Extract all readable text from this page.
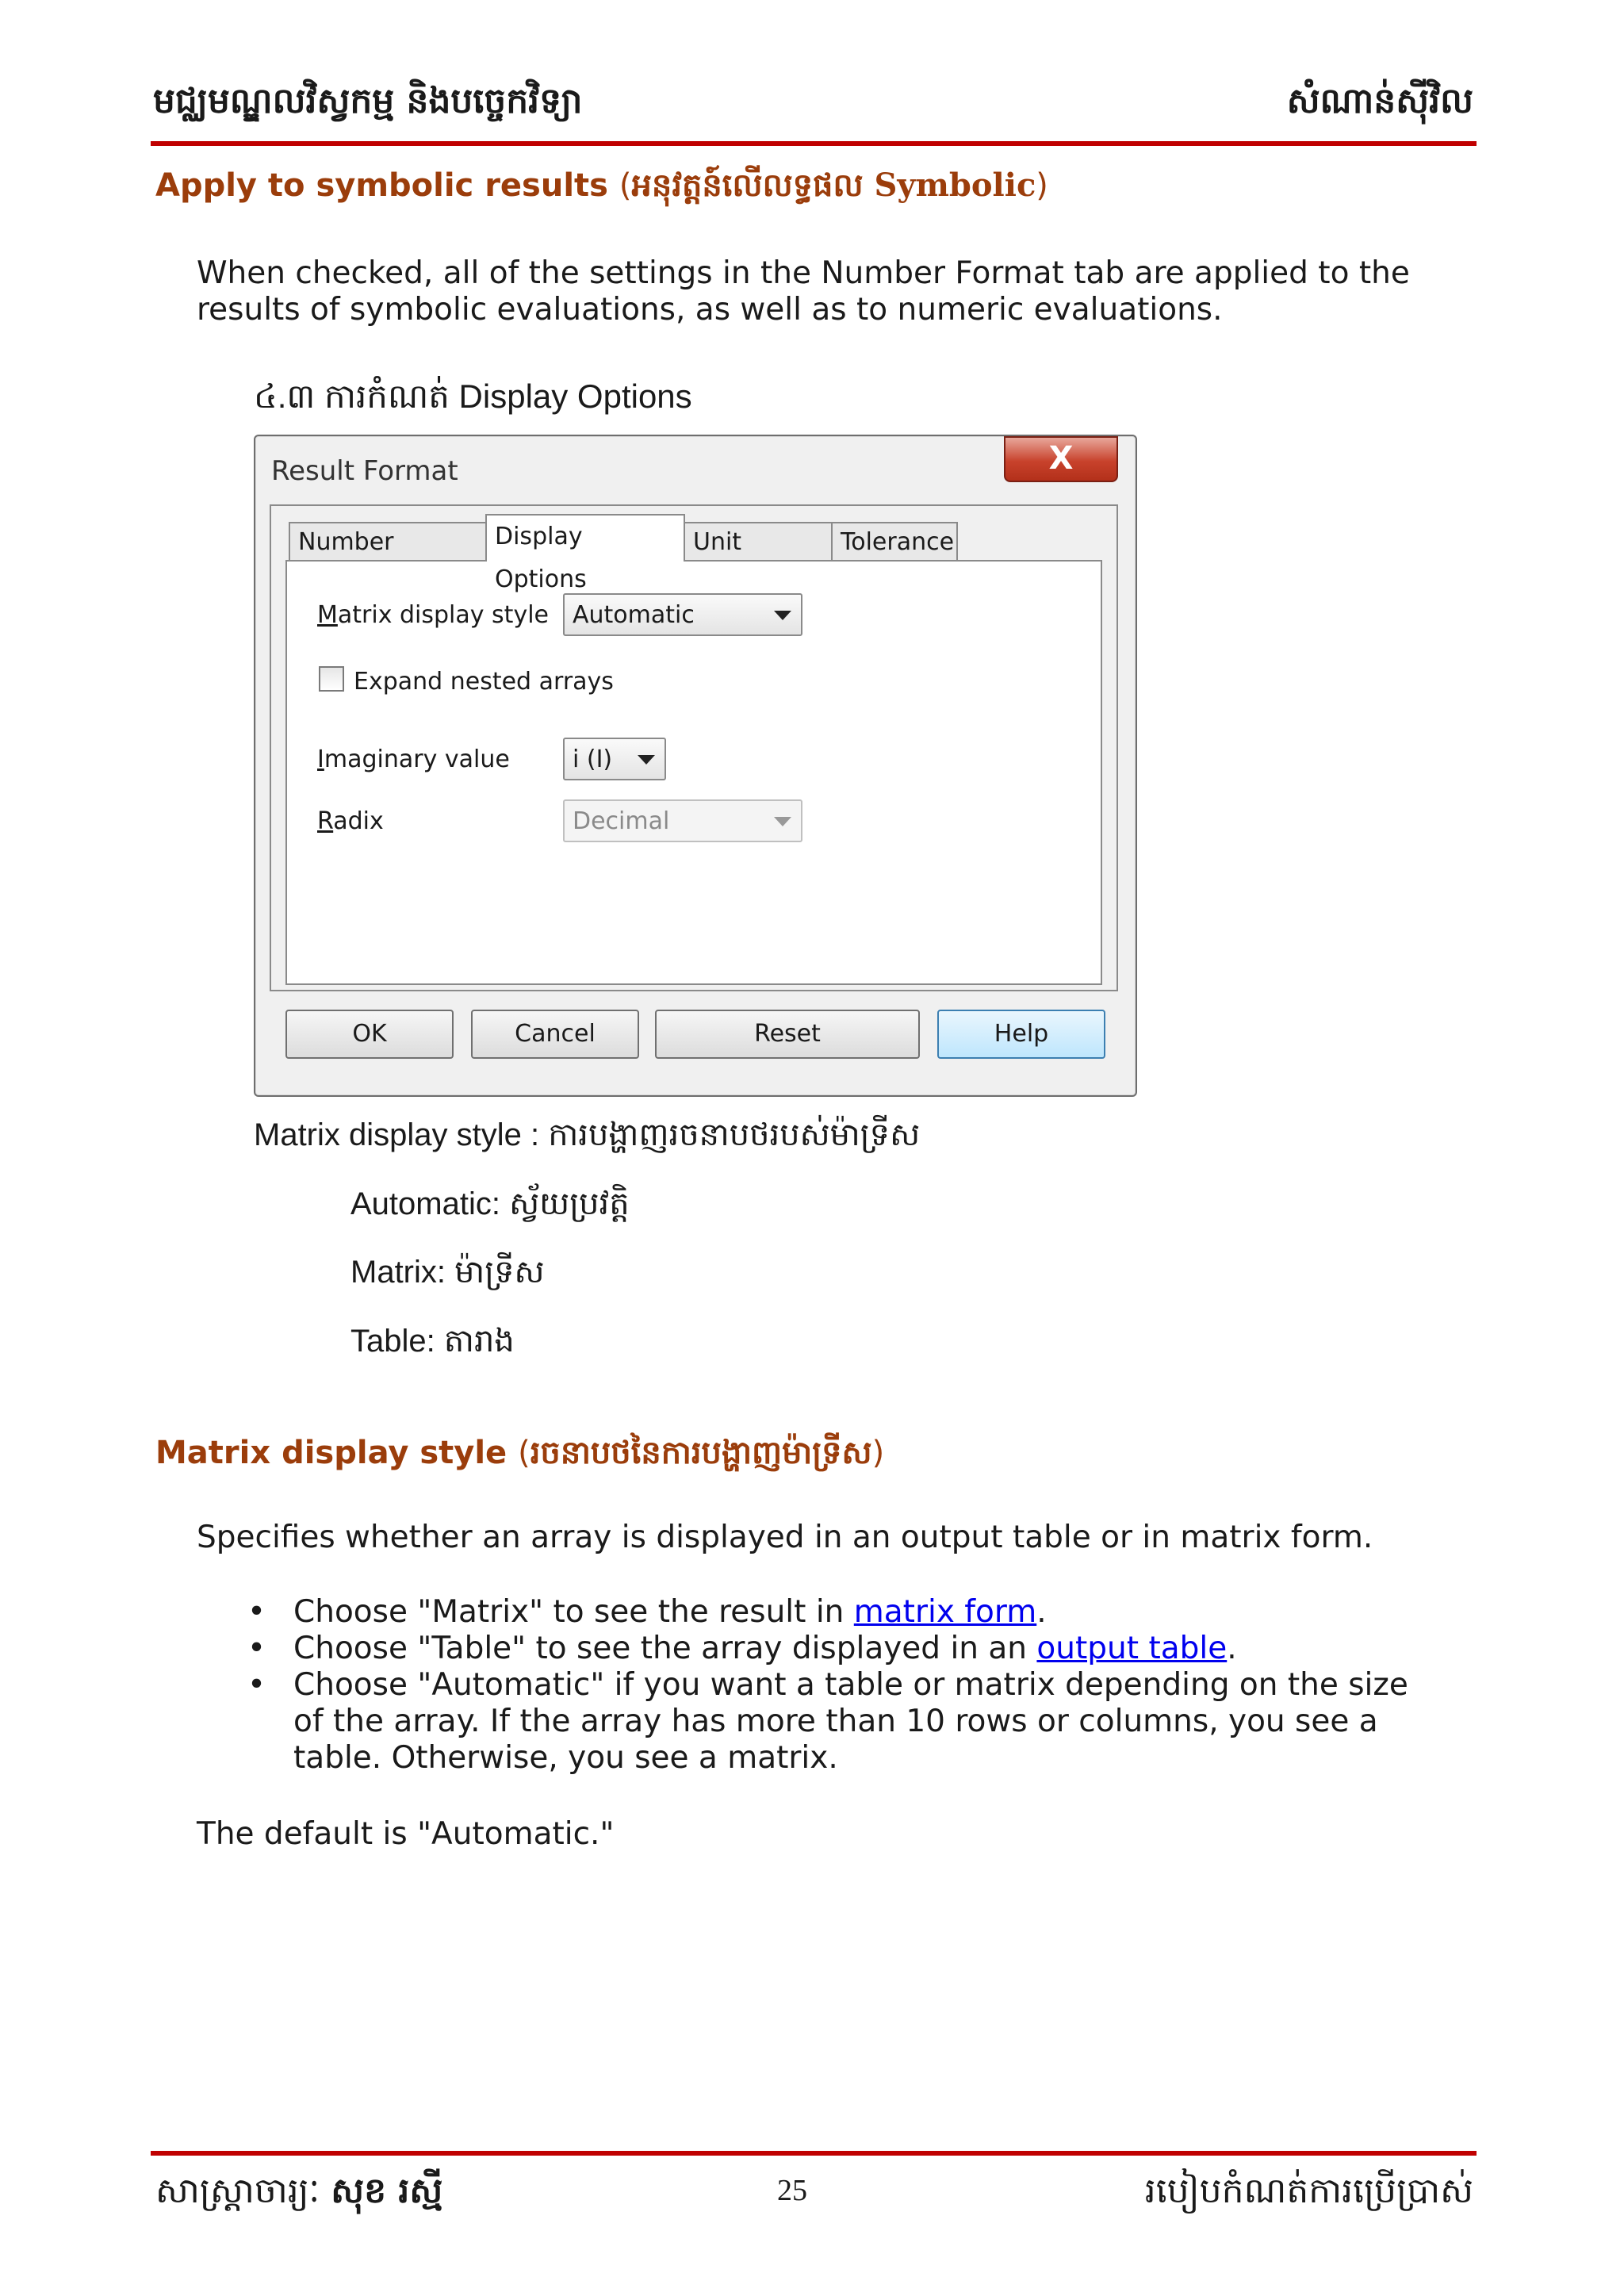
មជ្ឈមណ្ឌលវិស្វកម្ម និងបច្ចេកវិទ្យា	សំណាន់ស៊ីវិល
Apply to symbolic results (អនុវត្តន៍លើលទ្ធផល Symbolic)
When checked, all of the settings in the Number Format tab are applied to the results of symbolic evaluations, as well as to numeric evaluations.
៤.៣ ការកំណត់ Display Options
Result Format	X
Number	Display Options
Unit	Tolerance
Matrix display style	Automatic
Expand nested arrays
Imaginary value	i (I)
Radix	Decimal
OK	Cancel	Reset	Help
Matrix display style : ការបង្ហាញរចនាបថរបស់ម៉ាទ្រីស
Automatic: ស្វ័យប្រវត្តិ
Matrix: ម៉ាទ្រីស
Table: តារាង
Matrix display style (រចនាបថនៃការបង្ហាញម៉ាទ្រីស)
Specifies whether an array is displayed in an output table or in matrix form.
• Choose "Matrix" to see the result in matrix form.
• Choose "Table" to see the array displayed in an output table.
• Choose "Automatic" if you want a table or matrix depending on the size of the array. If the array has more than 10 rows or columns, you see a table. Otherwise, you see a matrix.
The default is "Automatic."
សាស្ត្រាចារ្យៈ សុខ រស្មី	25	របៀបកំណត់ការប្រើប្រាស់
